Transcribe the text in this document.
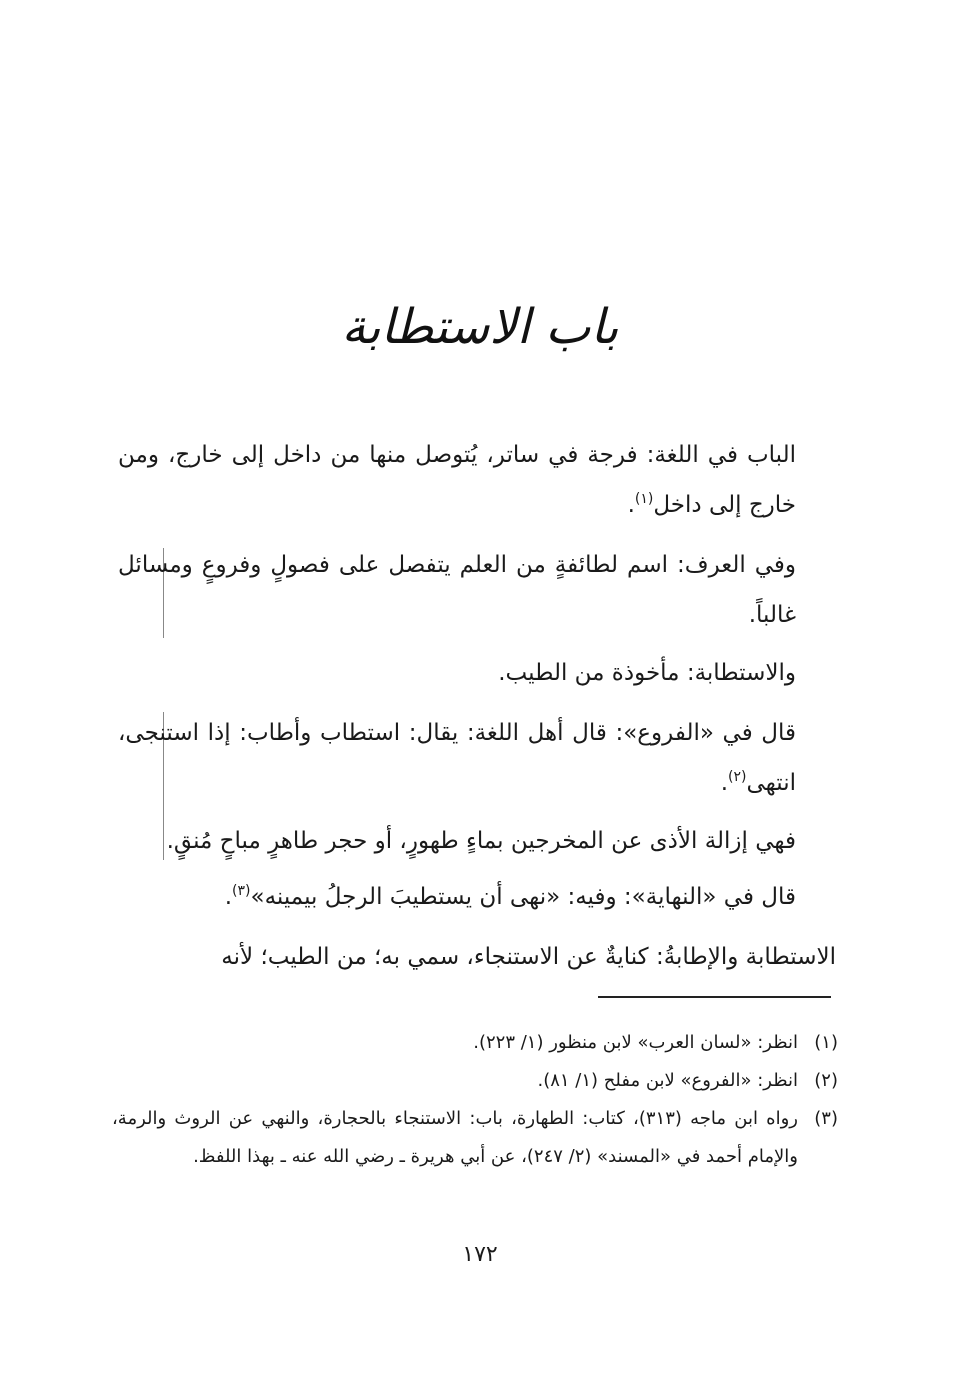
باب الاستطابة

الباب في اللغة: فرجة في ساتر، يُتوصل منها من داخل إلى خارج، ومن خارج إلى داخل$^{(١)}$.

وفي العرف: اسم لطائفةٍ من العلم يتفصل على فصولٍ وفروعٍ ومسائل غالباً.

والاستطابة: مأخوذة من الطيب.

قال في «الفروع»: قال أهل اللغة: يقال: استطاب وأطاب: إذا استنجى، انتهى$^{(٢)}$.

فهي إزالة الأذى عن المخرجين بماءٍ طهورٍ، أو حجر طاهرٍ مباحٍ مُنقٍ.

قال في «النهاية»: وفيه: «نهى أن يستطيبَ الرجلُ بيمينه»$^{(٣)}$.

الاستطابة والإطابةُ: كنايةٌ عن الاستنجاء، سمي به؛ من الطيب؛ لأنه

(١)
انظر: «لسان العرب» لابن منظور (١/ ٢٢٣).
(٢)
انظر: «الفروع» لابن مفلح (١/ ٨١).
(٣)
رواه ابن ماجه (٣١٣)، كتاب: الطهارة، باب: الاستنجاء بالحجارة، والنهي عن الروث والرمة، والإمام أحمد في «المسند» (٢/ ٢٤٧)، عن أبي هريرة ـ رضي الله عنه ـ بهذا اللفظ.
١٧٢
